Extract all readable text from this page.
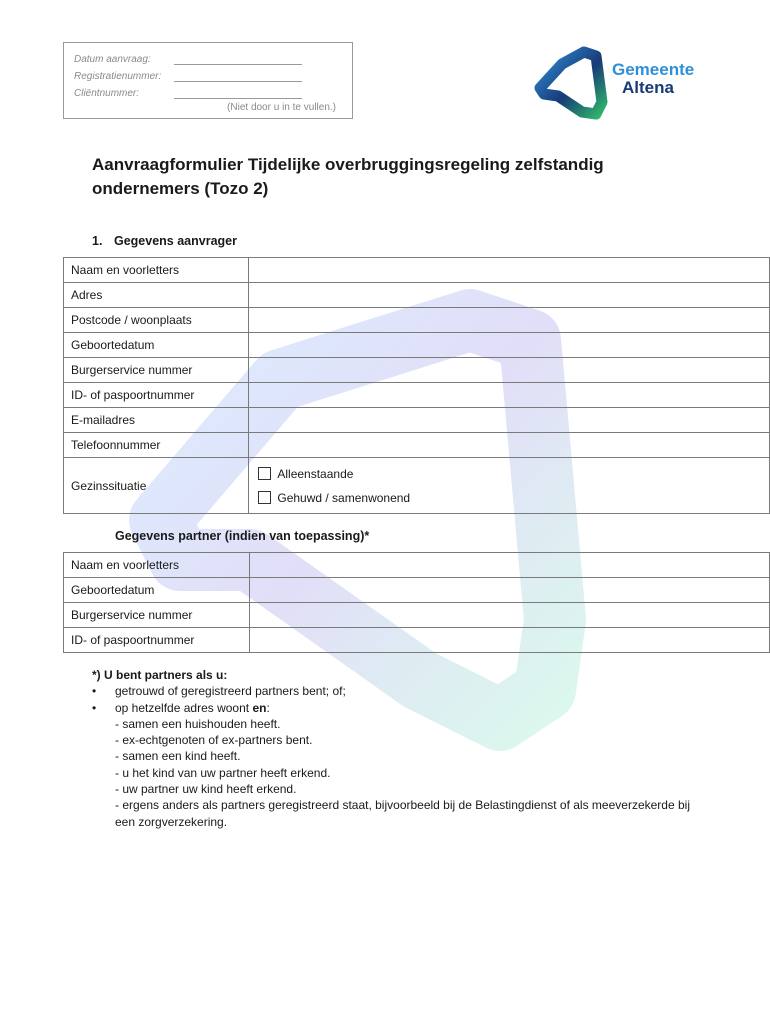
Datum aanvraag:
Registratienummer:
Cliëntnummer:
(Niet door u in te vullen.)
Gemeente
Altena
Aanvraagformulier Tijdelijke overbruggingsregeling zelfstandig ondernemers (Tozo 2)
1. Gegevens aanvrager
Naam en voorletters	
Adres	
Postcode / woonplaats	
Geboortedatum	
Burgerservice nummer	
ID- of paspoortnummer	
E-mailadres	
Telefoonnummer	
Gezinssituatie	Alleenstaande
Gehuwd / samenwonend
Gegevens partner (indien van toepassing)*
Naam en voorletters	
Geboortedatum	
Burgerservice nummer	
ID- of paspoortnummer	
*) U bent partners als u:
•	getrouwd of geregistreerd partners bent; of;
•	op hetzelfde adres woont en:
- samen een huishouden heeft.
- ex-echtgenoten of ex-partners bent.
- samen een kind heeft.
- u het kind van uw partner heeft erkend.
- uw partner uw kind heeft erkend.
- ergens anders als partners geregistreerd staat, bijvoorbeeld bij de Belastingdienst of als meeverzekerde bij een zorgverzekering.
